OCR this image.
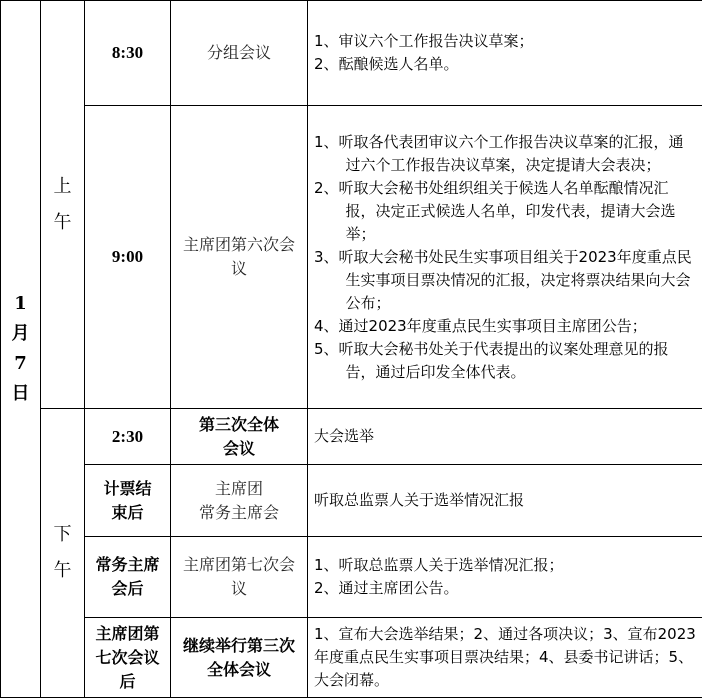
1月7日	上午	8:30	分组会议	1、审议六个工作报告决议草案；
2、酝酿候选人名单。

		9:00	主席团第六次会议	1、听取各代表团审议六个工作报告决议草案的汇报，通过六个工作报告决议草案，决定提请大会表决；
2、听取大会秘书处组织组关于候选人名单酝酿情况汇报，决定正式候选人名单，印发代表，提请大会选举；
3、听取大会秘书处民生实事项目组关于2023年度重点民生实事项目票决情况的汇报，决定将票决结果向大会公布；
4、通过2023年度重点民生实事项目主席团公告；
5、听取大会秘书处关于代表提出的议案处理意见的报告，通过后印发全体代表。

	下午	2:30	第三次全体会议	大会选举

		计票结束后	主席团
常务主席会	听取总监票人关于选举情况汇报

		常务主席会后	主席团第七次会议	1、听取总监票人关于选举情况汇报；
2、通过主席团公告。

		主席团第七次会议后	继续举行第三次全体会议	1、宣布大会选举结果；2、通过各项决议；3、宣布2023年度重点民生实事项目票决结果；4、县委书记讲话；5、大会闭幕。
